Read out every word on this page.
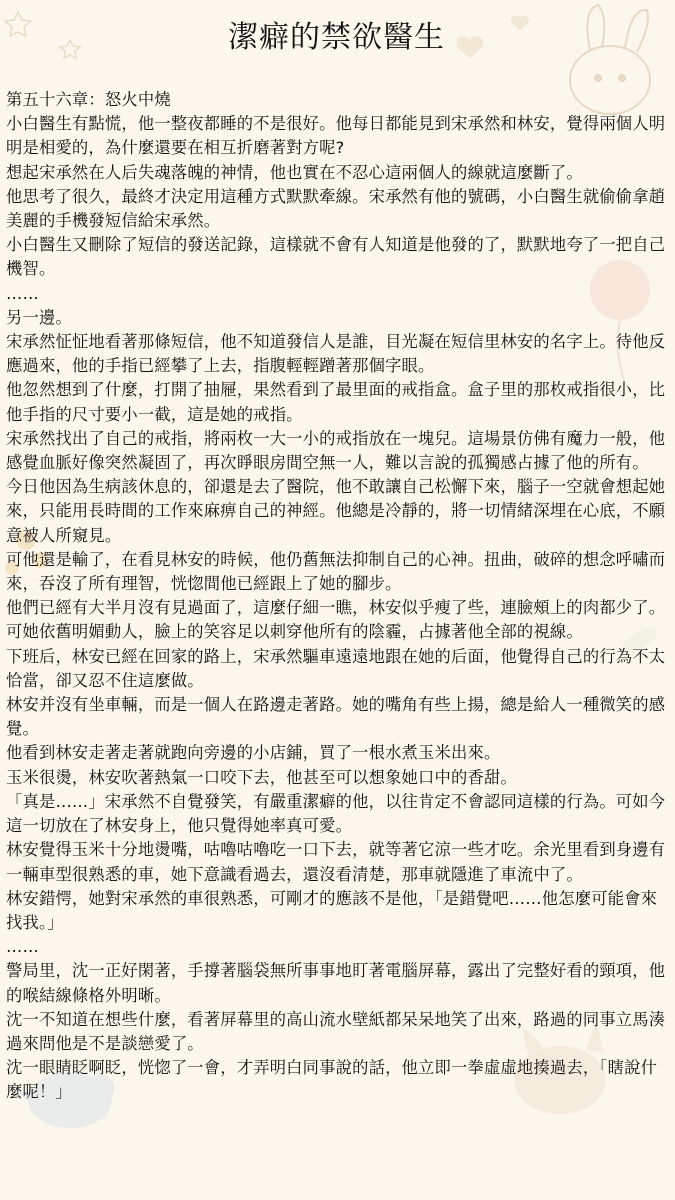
潔癖的禁欲醫生

第五十六章：怒火中燒

小白醫生有點慌，他一整夜都睡的不是很好。他每日都能見到宋承然和林安，覺得兩個人明明是相愛的，為什麼還要在相互折磨著對方呢?

想起宋承然在人后失魂落魄的神情，他也實在不忍心這兩個人的線就這麼斷了。

他思考了很久，最終才決定用這種方式默默牽線。宋承然有他的號碼，小白醫生就偷偷拿趙美麗的手機發短信給宋承然。

小白醫生又刪除了短信的發送記錄，這樣就不會有人知道是他發的了，默默地夸了一把自己機智。

……

另一邊。

宋承然怔怔地看著那條短信，他不知道發信人是誰，目光凝在短信里林安的名字上。待他反應過來，他的手指已經攀了上去，指腹輕輕蹭著那個字眼。

他忽然想到了什麼，打開了抽屜，果然看到了最里面的戒指盒。盒子里的那枚戒指很小，比他手指的尺寸要小一截，這是她的戒指。

宋承然找出了自己的戒指，將兩枚一大一小的戒指放在一塊兒。這場景仿佛有魔力一般，他感覺血脈好像突然凝固了，再次睜眼房間空無一人，難以言說的孤獨感占據了他的所有。

今日他因為生病該休息的，卻還是去了醫院，他不敢讓自己松懈下來，腦子一空就會想起她來，只能用長時間的工作來麻痹自己的神經。他總是冷靜的，將一切情緒深埋在心底，不願意被人所窺見。

可他還是輸了，在看見林安的時候，他仍舊無法抑制自己的心神。扭曲，破碎的想念呼嘯而來，吞沒了所有理智，恍惚間他已經跟上了她的腳步。

他們已經有大半月沒有見過面了，這麼仔細一瞧，林安似乎瘦了些，連臉頰上的肉都少了。

可她依舊明媚動人，臉上的笑容足以刺穿他所有的陰霾，占據著他全部的視線。

下班后，林安已經在回家的路上，宋承然驅車遠遠地跟在她的后面，他覺得自己的行為不太恰當，卻又忍不住這麼做。

林安并沒有坐車輛，而是一個人在路邊走著路。她的嘴角有些上揚，總是給人一種微笑的感覺。

他看到林安走著走著就跑向旁邊的小店鋪，買了一根水煮玉米出來。

玉米很燙，林安吹著熱氣一口咬下去，他甚至可以想象她口中的香甜。

「真是……」宋承然不自覺發笑，有嚴重潔癖的他，以往肯定不會認同這樣的行為。可如今這一切放在了林安身上，他只覺得她率真可愛。

林安覺得玉米十分地燙嘴，咕嚕咕嚕吃一口下去，就等著它涼一些才吃。余光里看到身邊有一輛車型很熟悉的車，她下意識看過去，還沒看清楚，那車就隱進了車流中了。

林安錯愕，她對宋承然的車很熟悉，可剛才的應該不是他，「是錯覺吧……他怎麼可能會來找我。」

……

警局里，沈一正好閑著，手撐著腦袋無所事事地盯著電腦屏幕，露出了完整好看的頸項，他的喉結線條格外明晰。

沈一不知道在想些什麼，看著屏幕里的高山流水壁紙都呆呆地笑了出來，路過的同事立馬湊過來問他是不是談戀愛了。

沈一眼睛眨啊眨，恍惚了一會，才弄明白同事說的話，他立即一拳虛虛地揍過去，「瞎說什麼呢！」
